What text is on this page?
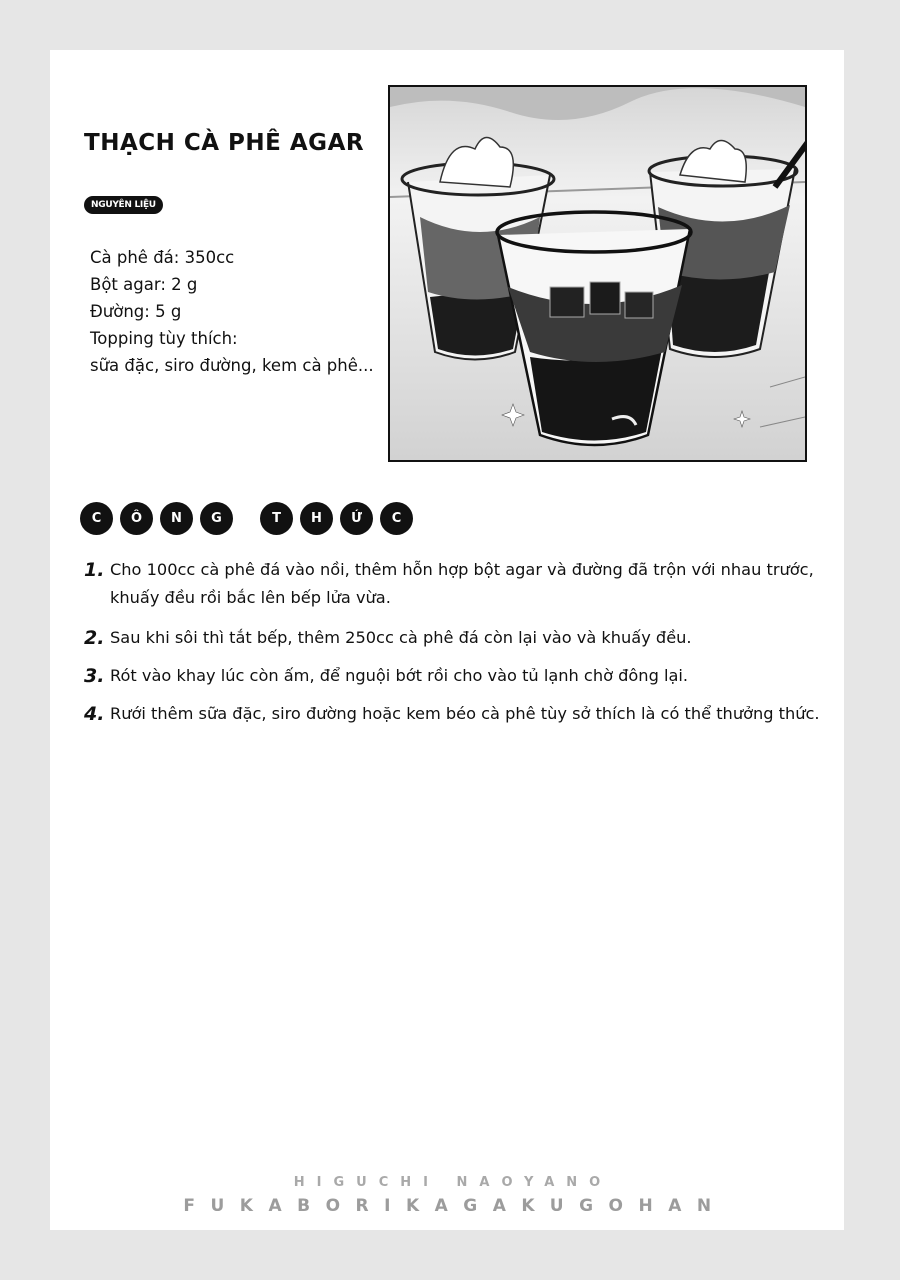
THẠCH CÀ PHÊ AGAR
NGUYÊN LIỆU
Cà phê đá: 350cc
Bột agar: 2 g
Đường: 5 g
Topping tùy thích:
sữa đặc, siro đường, kem cà phê...
C	Ô	N	G	T	H	Ứ	C
1. Cho 100cc cà phê đá vào nồi, thêm hỗn hợp bột agar và đường đã trộn với nhau trước, khuấy đều rồi bắc lên bếp lửa vừa.
2. Sau khi sôi thì tắt bếp, thêm 250cc cà phê đá còn lại vào và khuấy đều.
3. Rót vào khay lúc còn ấm, để nguội bớt rồi cho vào tủ lạnh chờ đông lại.
4. Rưới thêm sữa đặc, siro đường hoặc kem béo cà phê tùy sở thích là có thể thưởng thức.
HIGUCHI NAOYANO
FUKABORIKAGAKUGOHAN
